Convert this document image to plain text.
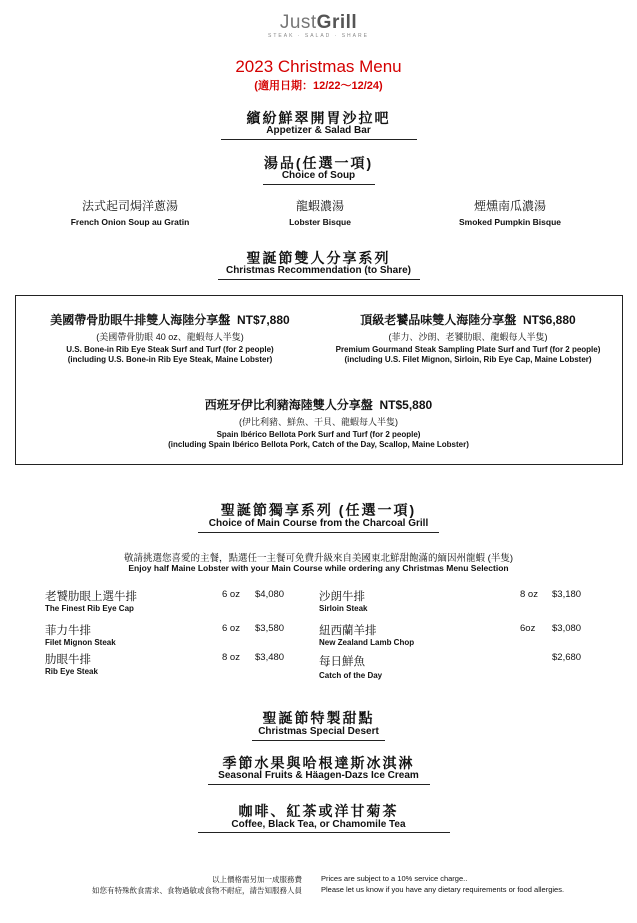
JustGrill
STEAK · SALAD · SHARE
2023 Christmas Menu
(適用日期：12/22～12/24)
繽紛鮮翠開胃沙拉吧
Appetizer & Salad Bar
湯品(任選一項)
Choice of Soup
法式起司焗洋蔥湯
French Onion Soup au Gratin
龍蝦濃湯
Lobster Bisque
煙燻南瓜濃湯
Smoked Pumpkin Bisque
聖誕節雙人分享系列
Christmas Recommendation (to Share)
美國帶骨肋眼牛排雙人海陸分享盤 NT$7,880
(美國帶骨肋眼 40 oz、龍蝦每人半隻)
U.S. Bone-in Rib Eye Steak Surf and Turf (for 2 people)
(including U.S. Bone-in Rib Eye Steak, Maine Lobster)
頂級老饕品味雙人海陸分享盤 NT$6,880
(菲力、沙朗、老饕肋眼、龍蝦每人半隻)
Premium Gourmand Steak Sampling Plate Surf and Turf (for 2 people)
(including U.S. Filet Mignon, Sirloin, Rib Eye Cap, Maine Lobster)
西班牙伊比利豬海陸雙人分享盤 NT$5,880
(伊比利豬、鮮魚、干貝、龍蝦每人半隻)
Spain Ibérico Bellota Pork Surf and Turf (for 2 people)
(including Spain Ibérico Bellota Pork, Catch of the Day, Scallop, Maine Lobster)
聖誕節獨享系列 (任選一項)
Choice of Main Course from the Charcoal Grill
敬請挑選您喜愛的主餐，點選任一主餐可免費升級來自美國東北鮮甜飽滿的緬因州龍蝦 (半隻)
Enjoy half Maine Lobster with your Main Course while ordering any Christmas Menu Selection
老饕肋眼上選牛排
The Finest Rib Eye Cap
6 oz $4,080
菲力牛排
Filet Mignon Steak
6 oz $3,580
肋眼牛排
Rib Eye Steak
8 oz $3,480
沙朗牛排
Sirloin Steak
8 oz $3,180
紐西蘭羊排
New Zealand Lamb Chop
6oz $3,080
每日鮮魚
Catch of the Day
$2,680
聖誕節特製甜點
Christmas Special Desert
季節水果與哈根達斯冰淇淋
Seasonal Fruits & Häagen-Dazs Ice Cream
咖啡、紅茶或洋甘菊茶
Coffee, Black Tea, or Chamomile Tea
以上價格需另加一成服務費
如您有特殊飲食需求、食物過敏或食物不耐症，請告知服務人員
Prices are subject to a 10% service charge..
Please let us know if you have any dietary requirements or food allergies.
